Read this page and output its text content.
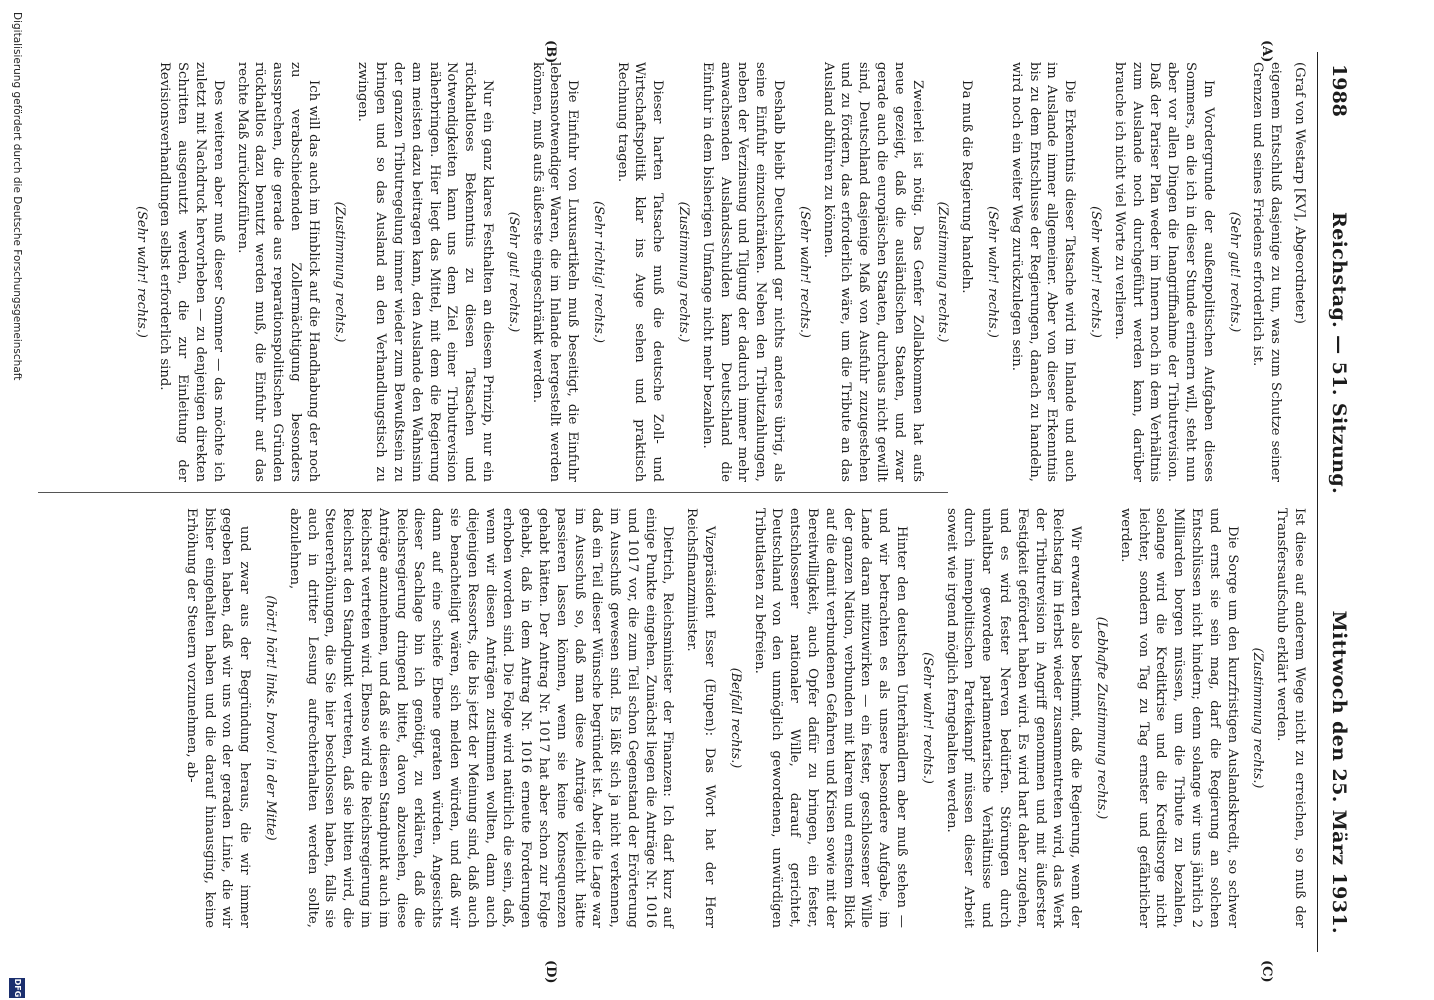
1988
Reichstag. — 51. Sitzung.
Mittwoch den 25. März 1931.
(A)
(B)
(C)
(D)

(Graf von Westarp [KV], Abgeordneter)

eigenem Entschluß dasjenige zu tun, was zum Schutze seiner Grenzen und seines Friedens erforderlich ist.

(Sehr gut! rechts.)

Im Vordergrunde der außenpolitischen Aufgaben dieses Sommers, an die ich in dieser Stunde erinnern will, steht nun aber vor allen Dingen die Inangriffnahme der Tributrevision. Daß der Pariser Plan weder im Innern noch in dem Verhältnis zum Auslande noch durchgeführt werden kann, darüber brauche ich nicht viel Worte zu verlieren.

(Sehr wahr! rechts.)

Die Erkenntnis dieser Tatsache wird im Inlande und auch im Auslande immer allgemeiner. Aber von dieser Erkenntnis bis zu dem Entschlusse der Regierungen, danach zu handeln, wird noch ein weiter Weg zurückzulegen sein.

(Sehr wahr! rechts.)

Da muß die Regierung handeln.

(Zustimmung rechts.)

Zweierlei ist nötig. Das Genfer Zollabkommen hat aufs neue gezeigt, daß die ausländischen Staaten, und zwar gerade auch die europäischen Staaten, durchaus nicht gewillt sind, Deutschland dasjenige Maß von Ausfuhr zuzugestehen und zu fördern, das erforderlich wäre, um die Tribute an das Ausland abführen zu können.

(Sehr wahr! rechts.)

Deshalb bleibt Deutschland gar nichts anderes übrig, als seine Einfuhr einzuschränken. Neben den Tributzahlungen, neben der Verzinsung und Tilgung der dadurch immer mehr anwachsenden Auslandsschulden kann Deutschland die Einfuhr in dem bisherigen Umfange nicht mehr bezahlen.

(Zustimmung rechts.)

Dieser harten Tatsache muß die deutsche Zoll- und Wirtschaftspolitik klar ins Auge sehen und praktisch Rechnung tragen.

(Sehr richtig! rechts.)

Die Einfuhr von Luxusartikeln muß beseitigt, die Einfuhr lebensnotwendiger Waren, die im Inlande hergestellt werden können, muß aufs äußerste eingeschränkt werden.

(Sehr gut! rechts.)

Nur ein ganz klares Festhalten an diesem Prinzip, nur ein rückhaltloses Bekenntnis zu diesen Tatsachen und Notwendigkeiten kann uns dem Ziel einer Tributrevision näherbringen. Hier liegt das Mittel, mit dem die Regierung am meisten dazu beitragen kann, den Auslande den Wahnsinn der ganzen Tributregelung immer wieder zum Bewußtsein zu bringen und so das Ausland an den Verhandlungstisch zu zwingen.

(Zustimmung rechts.)

Ich will das auch im Hinblick auf die Handhabung der noch zu verabschiedenden Zollermächtigung besonders aussprechen, die gerade aus reparationspolitischen Gründen rückhaltlos dazu benutzt werden muß, die Einfuhr auf das rechte Maß zurückzuführen.

Des weiteren aber muß dieser Sommer — das möchte ich zuletzt mit Nachdruck hervorheben — zu denjenigen direkten Schritten ausgenutzt werden, die zur Einleitung der Revisionsverhandlungen selbst erforderlich sind.

(Sehr wahr! rechts.)

Ist diese auf anderem Wege nicht zu erreichen, so muß der Transfersaufschub erklärt werden.

(Zustimmung rechts.)

Die Sorge um den kurzfristigen Auslandskredit, so schwer und ernst sie sein mag, darf die Regierung an solchen Entschlüssen nicht hindern; denn solange wir uns jährlich 2 Milliarden borgen müssen, um die Tribute zu bezahlen, solange wird die Kreditkrise und die Kreditsorge nicht leichter, sondern von Tag zu Tag ernster und gefährlicher werden.

(Lebhafte Zustimmung rechts.)

Wir erwarten also bestimmt, daß die Regierung, wenn der Reichstag im Herbst wieder zusammentreten wird, das Werk der Tributrevision in Angriff genommen und mit äußerster Festigkeit gefördert haben wird. Es wird hart daher zugehen, und es wird fester Nerven bedürfen. Störungen durch unhaltbar gewordene parlamentarische Verhältnisse und durch innenpolitischen Parteikampf müssen dieser Arbeit soweit wie irgend möglich ferngehalten werden.

(Sehr wahr! rechts.)

Hinter den deutschen Unterhändlern aber muß stehen — und wir betrachten es als unsere besondere Aufgabe, im Lande daran mitzuwirken — ein fester, geschlossener Wille der ganzen Nation, verbunden mit klarem und ernstem Blick auf die damit verbundenen Gefahren und Krisen sowie mit der Bereitwilligkeit, auch Opfer dafür zu bringen, ein fester, entschlossener nationaler Wille, darauf gerichtet, Deutschland von den unmöglich gewordenen, unwürdigen Tributlasten zu befreien.

(Beifall rechts.)

Vizepräsident Esser (Eupen): Das Wort hat der Herr Reichsfinanzminister.

Dietrich, Reichsminister der Finanzen: Ich darf kurz auf einige Punkte eingehen. Zunächst liegen die Anträge Nr. 1016 und 1017 vor, die zum Teil schon Gegenstand der Erörterung im Ausschuß gewesen sind. Es läßt sich ja nicht verkennen, daß ein Teil dieser Wünsche begründet ist. Aber die Lage war im Ausschuß so, daß man diese Anträge vielleicht hätte passieren lassen können, wenn sie keine Konsequenzen gehabt hätten. Der Antrag Nr. 1017 hat aber schon zur Folge gehabt, daß in dem Antrag Nr. 1016 erneute Forderungen erhoben worden sind. Die Folge wird natürlich die sein, daß, wenn wir diesen Anträgen zustimmen wollten, dann auch diejenigen Ressorts, die bis jetzt der Meinung sind, daß auch sie benachteiligt wären, sich melden würden, und daß wir dann auf eine schiefe Ebene geraten würden. Angesichts dieser Sachlage bin ich genötigt, zu erklären, daß die Reichsregierung dringend bittet, davon abzusehen, diese Anträge anzunehmen, und daß sie diesen Standpunkt auch im Reichsrat vertreten wird. Ebenso wird die Reichsregierung im Reichsrat den Standpunkt vertreten, daß sie bitten wird, die Steuererhöhungen, die Sie hier beschlossen haben, falls sie auch in dritter Lesung aufrechterhalten werden sollte, abzulehnen,

(hört! hört! links. bravo! in der Mitte)

und zwar aus der Begründung heraus, die wir immer gegeben haben, daß wir uns von der geraden Linie, die wir bisher eingehalten haben und die darauf hinausging, keine Erhöhung der Steuern vorzunehmen, ab-

Digitalisierung gefördert durch die Deutsche Forschungsgemeinschaft
DFG
